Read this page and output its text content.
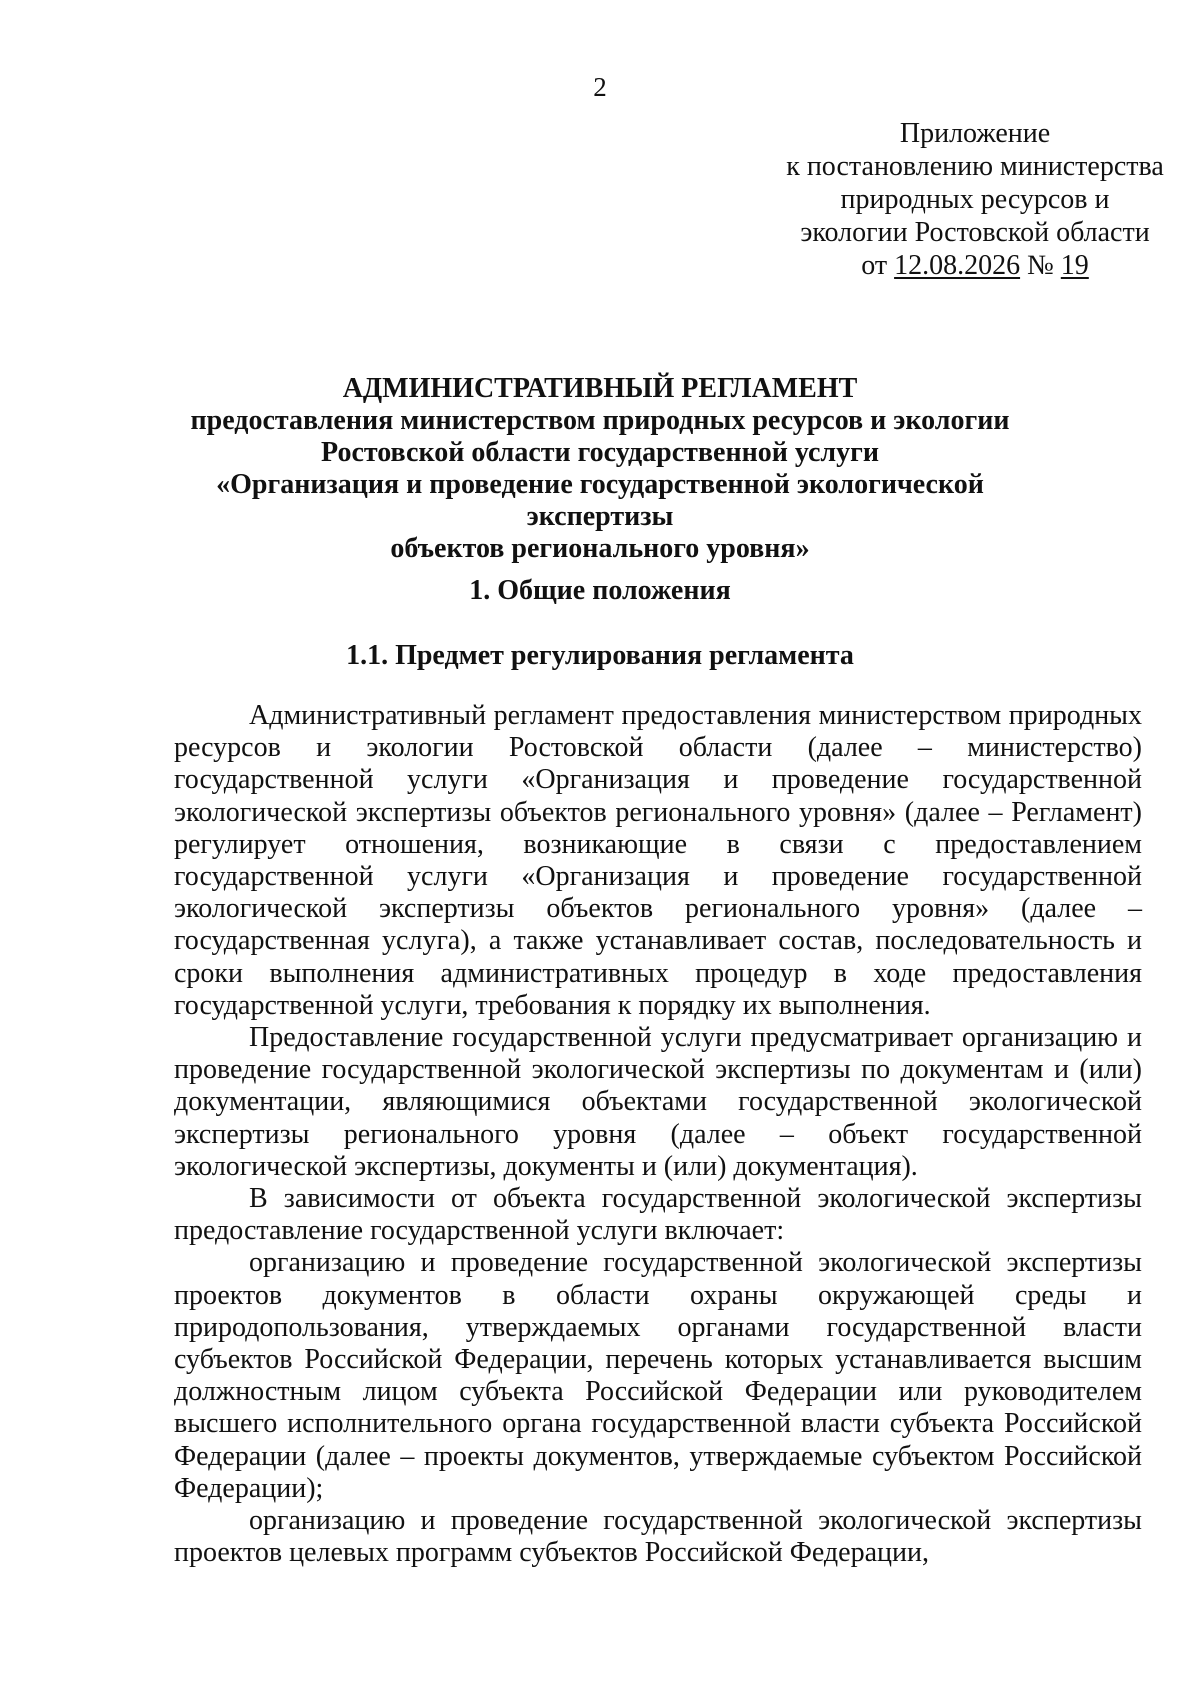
2
Приложение
к постановлению министерства
природных ресурсов и
экологии Ростовской области
от 12.08.2026 № 19
АДМИНИСТРАТИВНЫЙ РЕГЛАМЕНТ
предоставления министерством природных ресурсов и экологии
Ростовской области государственной услуги
«Организация и проведение государственной экологической экспертизы
объектов регионального уровня»
1. Общие положения
1.1. Предмет регулирования регламента

Административный регламент предоставления министерством природных ресурсов и экологии Ростовской области (далее – министерство) государственной услуги «Организация и проведение государственной экологической экспертизы объектов регионального уровня» (далее – Регламент) регулирует отношения, возникающие в связи с предоставлением государственной услуги «Организация и проведение государственной экологической экспертизы объектов регионального уровня» (далее – государственная услуга), а также устанавливает состав, последовательность и сроки выполнения административных процедур в ходе предоставления государственной услуги, требования к порядку их выполнения.

Предоставление государственной услуги предусматривает организацию и проведение государственной экологической экспертизы по документам и (или) документации, являющимися объектами государственной экологической экспертизы регионального уровня (далее – объект государственной экологической экспертизы, документы и (или) документация).

В зависимости от объекта государственной экологической экспертизы предоставление государственной услуги включает:

организацию и проведение государственной экологической экспертизы проектов документов в области охраны окружающей среды и природопользования, утверждаемых органами государственной власти субъектов Российской Федерации, перечень которых устанавливается высшим должностным лицом субъекта Российской Федерации или руководителем высшего исполнительного органа государственной власти субъекта Российской Федерации (далее – проекты документов, утверждаемые субъектом Российской Федерации);

организацию и проведение государственной экологической экспертизы проектов целевых программ субъектов Российской Федерации,
